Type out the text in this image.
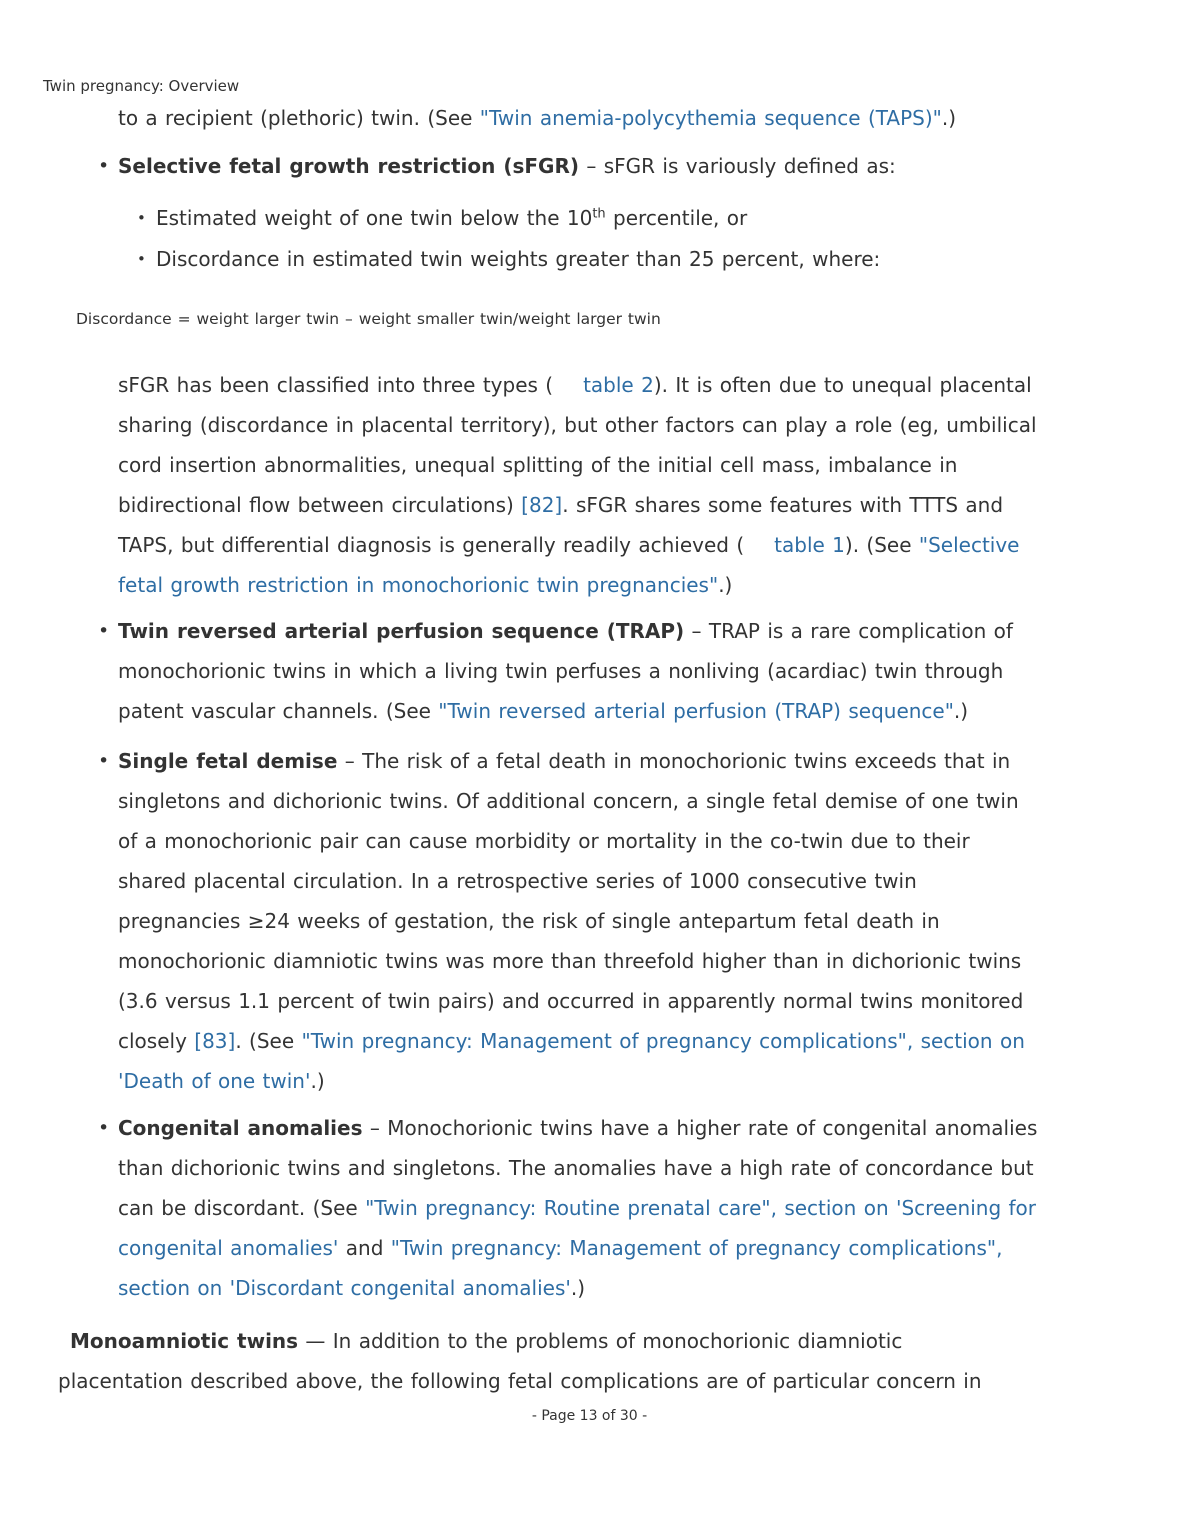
Twin pregnancy: Overview
to a recipient (plethoric) twin. (See "Twin anemia-polycythemia sequence (TAPS)".)
• Selective fetal growth restriction (sFGR) – sFGR is variously defined as:
• Estimated weight of one twin below the 10th percentile, or
• Discordance in estimated twin weights greater than 25 percent, where:
Discordance = weight larger twin – weight smaller twin/weight larger twin
sFGR has been classified into three types ( table 2). It is often due to unequal placental
sharing (discordance in placental territory), but other factors can play a role (eg, umbilical
cord insertion abnormalities, unequal splitting of the initial cell mass, imbalance in
bidirectional flow between circulations) [82]. sFGR shares some features with TTTS and
TAPS, but differential diagnosis is generally readily achieved ( table 1). (See "Selective
fetal growth restriction in monochorionic twin pregnancies".)
• Twin reversed arterial perfusion sequence (TRAP) – TRAP is a rare complication of
monochorionic twins in which a living twin perfuses a nonliving (acardiac) twin through
patent vascular channels. (See "Twin reversed arterial perfusion (TRAP) sequence".)
• Single fetal demise – The risk of a fetal death in monochorionic twins exceeds that in
singletons and dichorionic twins. Of additional concern, a single fetal demise of one twin
of a monochorionic pair can cause morbidity or mortality in the co-twin due to their
shared placental circulation. In a retrospective series of 1000 consecutive twin
pregnancies ≥24 weeks of gestation, the risk of single antepartum fetal death in
monochorionic diamniotic twins was more than threefold higher than in dichorionic twins
(3.6 versus 1.1 percent of twin pairs) and occurred in apparently normal twins monitored
closely [83]. (See "Twin pregnancy: Management of pregnancy complications", section on
'Death of one twin'.)
• Congenital anomalies – Monochorionic twins have a higher rate of congenital anomalies
than dichorionic twins and singletons. The anomalies have a high rate of concordance but
can be discordant. (See "Twin pregnancy: Routine prenatal care", section on 'Screening for
congenital anomalies' and "Twin pregnancy: Management of pregnancy complications",
section on 'Discordant congenital anomalies'.)
Monoamniotic twins — In addition to the problems of monochorionic diamniotic
placentation described above, the following fetal complications are of particular concern in
- Page 13 of 30 -
